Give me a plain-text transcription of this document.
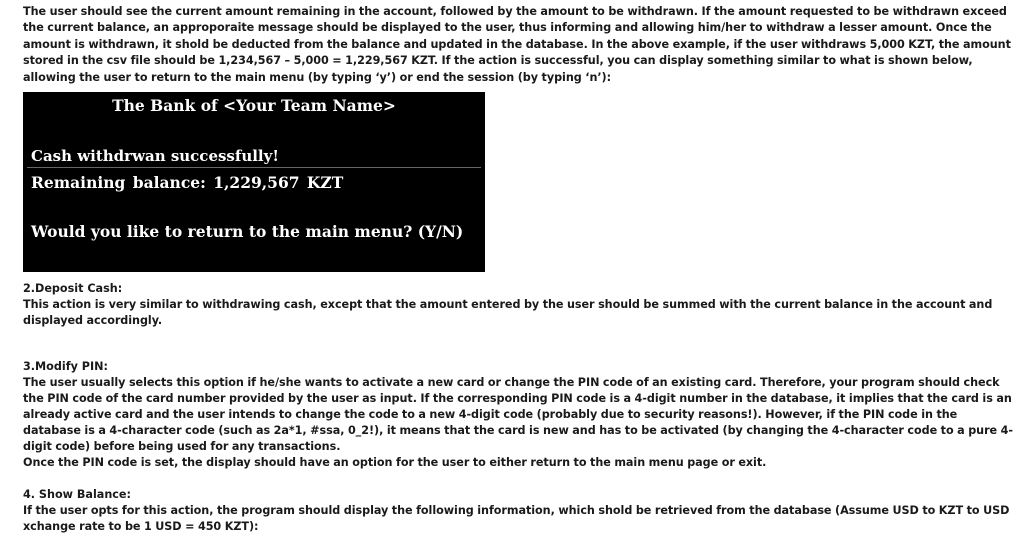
The user should see the current amount remaining in the account, followed by the amount to be withdrawn. If the amount requested to be withdrawn exceed the current balance, an approporaite message should be displayed to the user, thus informing and allowing him/her to withdraw a lesser amount. Once the amount is withdrawn, it shold be deducted from the balance and updated in the database. In the above example, if the user withdraws 5,000 KZT, the amount stored in the csv file should be 1,234,567 – 5,000 = 1,229,567 KZT. If the action is successful, you can display something similar to what is shown below, allowing the user to return to the main menu (by typing ‘y’) or end the session (by typing ‘n’):

The Bank of <Your Team Name>
Cash withdrwan successfully!
Remaining balance: 1,229,567 KZT
Would you like to return to the main menu? (Y/N)

2.Deposit Cash:

This action is very similar to withdrawing cash, except that the amount entered by the user should be summed with the current balance in the account and displayed accordingly.

3.Modify PIN:

The user usually selects this option if he/she wants to activate a new card or change the PIN code of an existing card. Therefore, your program should check the PIN code of the card number provided by the user as input. If the corresponding PIN code is a 4-digit number in the database, it implies that the card is an already active card and the user intends to change the code to a new 4-digit code (probably due to security reasons!). However, if the PIN code in the database is a 4-character code (such as 2a*1, #ssa, 0_2!), it means that the card is new and has to be activated (by changing the 4-character code to a pure 4-digit code) before being used for any transactions.

Once the PIN code is set, the display should have an option for the user to either return to the main menu page or exit.

4. Show Balance:

If the user opts for this action, the program should display the following information, which shold be retrieved from the database (Assume USD to KZT to USD xchange rate to be 1 USD = 450 KZT):
